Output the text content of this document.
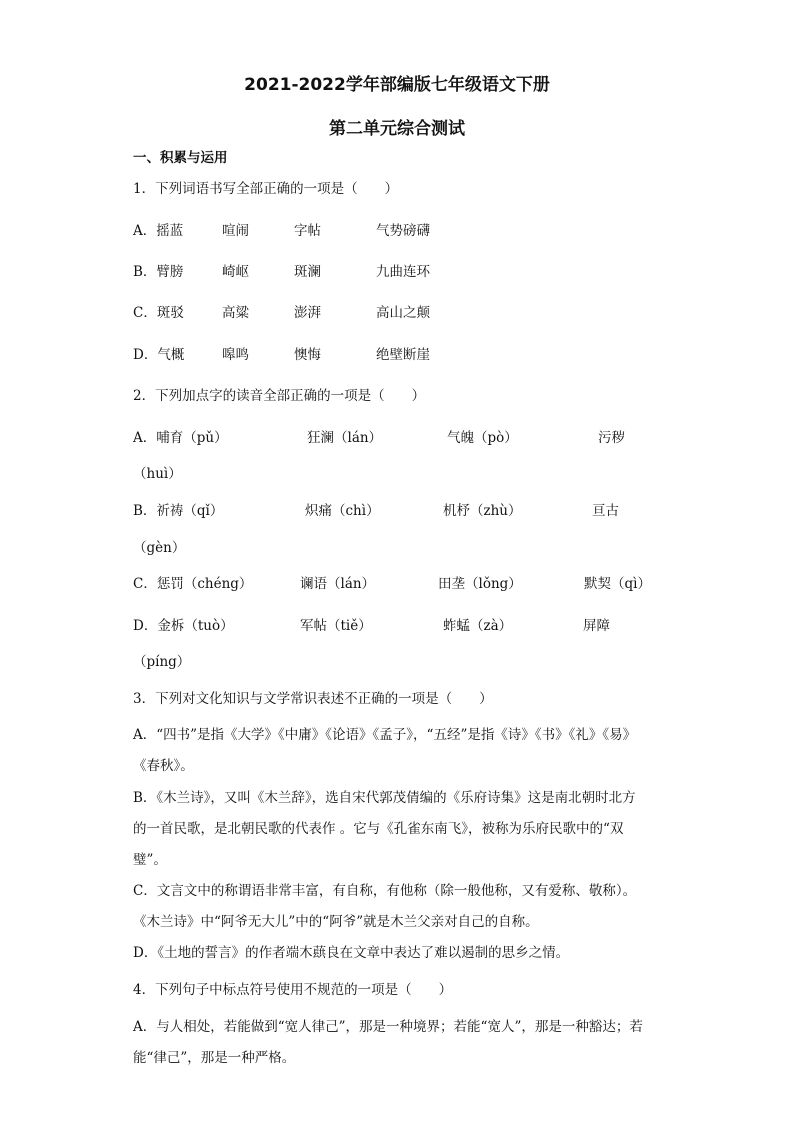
2021-2022学年部编版七年级语文下册
第二单元综合测试
一、积累与运用
1．下列词语书写全部正确的一项是（　　）
A．摇蓝	喧闹	字帖	气势磅礴
B．臂膀	崎岖	斑澜	九曲连环
C．斑驳	高粱	澎湃	高山之颠
D．气概	嗥鸣	懊悔	绝壁断崖
2．下列加点字的读音全部正确的一项是（　　）
A．哺育（pǔ）	狂澜（lán）	气魄（pò）	污秽
（huì）
B．祈祷（qǐ）	炽痛（chì）	机杼（zhù）	亘古
（gèn）
C．惩罚（chéng）	谰语（lán）	田垄（lǒng）	默契（qì）
D．金柝（tuò）	军帖（tiě）	蚱蜢（zà）	屏障
（píng）
3．下列对文化知识与文学常识表述不正确的一项是（　　）
A．“四书”是指《大学》《中庸》《论语》《孟子》，“五经”是指《诗》《书》《礼》《易》
《春秋》。
B．《木兰诗》，又叫《木兰辞》，选自宋代郭茂倩编的《乐府诗集》这是南北朝时北方
的一首民歌，是北朝民歌的代表作 。它与《孔雀东南飞》，被称为乐府民歌中的“双
璧”。
C．文言文中的称谓语非常丰富，有自称，有他称（除一般他称，又有爱称、敬称）。
《木兰诗》中“阿爷无大儿”中的“阿爷”就是木兰父亲对自己的自称。
D．《土地的誓言》的作者端木蕻良在文章中表达了难以遏制的思乡之情。
4．下列句子中标点符号使用不规范的一项是（　　）
A．与人相处，若能做到“宽人律己”，那是一种境界；若能“宽人”，那是一种豁达；若
能“律己”，那是一种严格。
